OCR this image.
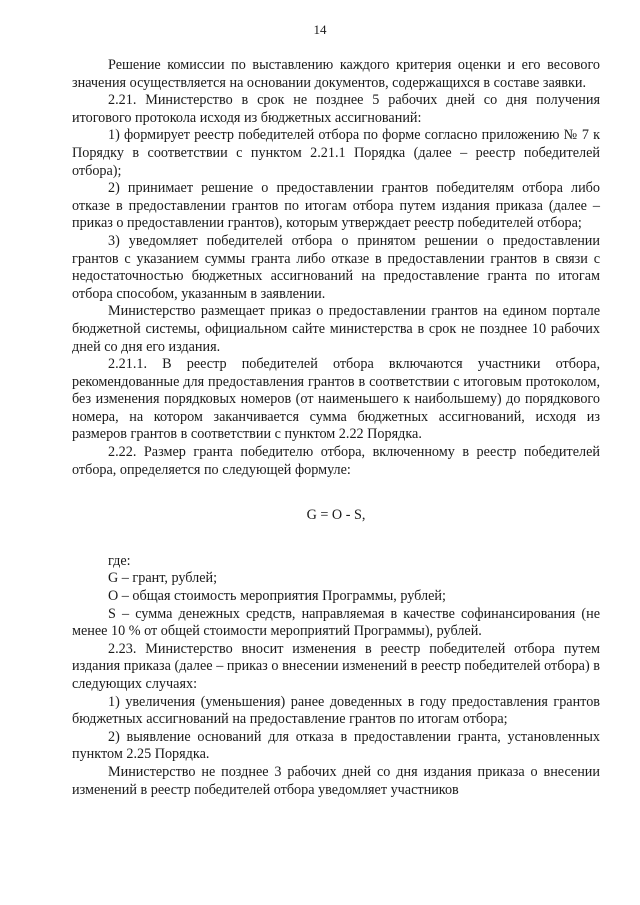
14

Решение комиссии по выставлению каждого критерия оценки и его весового значения осуществляется на основании документов, содержащихся в составе заявки.

2.21. Министерство в срок не позднее 5 рабочих дней со дня получения итогового протокола исходя из бюджетных ассигнований:

1) формирует реестр победителей отбора по форме согласно приложению № 7 к Порядку в соответствии с пунктом 2.21.1 Порядка (далее – реестр победителей отбора);

2) принимает решение о предоставлении грантов победителям отбора либо отказе в предоставлении грантов по итогам отбора путем издания приказа (далее – приказ о предоставлении грантов), которым утверждает реестр победителей отбора;

3) уведомляет победителей отбора о принятом решении о предоставлении грантов с указанием суммы гранта либо отказе в предоставлении грантов в связи с недостаточностью бюджетных ассигнований на предоставление гранта по итогам отбора способом, указанным в заявлении.

Министерство размещает приказ о предоставлении грантов на едином портале бюджетной системы, официальном сайте министерства в срок не позднее 10 рабочих дней со дня его издания.

2.21.1. В реестр победителей отбора включаются участники отбора, рекомендованные для предоставления грантов в соответствии с итоговым протоколом, без изменения порядковых номеров (от наименьшего к наибольшему) до порядкового номера, на котором заканчивается сумма бюджетных ассигнований, исходя из размеров грантов в соответствии с пунктом 2.22 Порядка.

2.22. Размер гранта победителю отбора, включенному в реестр победителей отбора, определяется по следующей формуле:

G = O - S,

где:

G – грант, рублей;

O – общая стоимость мероприятия Программы, рублей;

S – сумма денежных средств, направляемая в качестве софинансирования (не менее 10 % от общей стоимости мероприятий Программы), рублей.

2.23. Министерство вносит изменения в реестр победителей отбора путем издания приказа (далее – приказ о внесении изменений в реестр победителей отбора) в следующих случаях:

1) увеличения (уменьшения) ранее доведенных в году предоставления грантов бюджетных ассигнований на предоставление грантов по итогам отбора;

2) выявление оснований для отказа в предоставлении гранта, установленных пунктом 2.25 Порядка.

Министерство не позднее 3 рабочих дней со дня издания приказа о внесении изменений в реестр победителей отбора уведомляет участников
